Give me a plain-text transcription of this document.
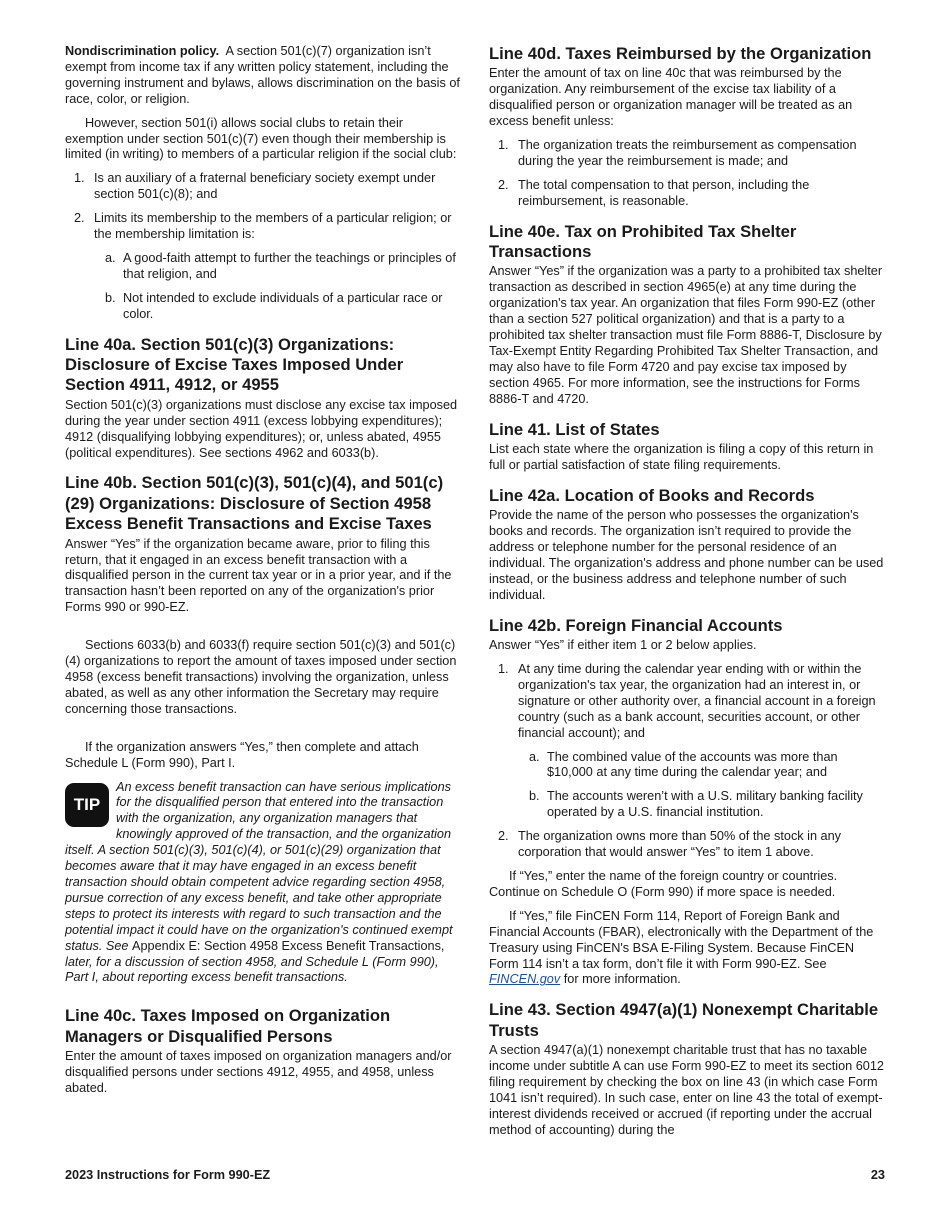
Nondiscrimination policy. A section 501(c)(7) organization isn’t exempt from income tax if any written policy statement, including the governing instrument and bylaws, allows discrimination on the basis of race, color, or religion.

However, section 501(i) allows social clubs to retain their exemption under section 501(c)(7) even though their membership is limited (in writing) to members of a particular religion if the social club:

1. Is an auxiliary of a fraternal beneficiary society exempt under section 501(c)(8); and
2. Limits its membership to the members of a particular religion; or the membership limitation is:
a. A good-faith attempt to further the teachings or principles of that religion, and
b. Not intended to exclude individuals of a particular race or color.
Line 40a. Section 501(c)(3) Organizations: Disclosure of Excise Taxes Imposed Under Section 4911, 4912, or 4955

Section 501(c)(3) organizations must disclose any excise tax imposed during the year under section 4911 (excess lobbying expenditures); 4912 (disqualifying lobbying expenditures); or, unless abated, 4955 (political expenditures). See sections 4962 and 6033(b).

Line 40b. Section 501(c)(3), 501(c)(4), and 501(c)(29) Organizations: Disclosure of Section 4958 Excess Benefit Transactions and Excise Taxes

Answer “Yes” if the organization became aware, prior to filing this return, that it engaged in an excess benefit transaction with a disqualified person in the current tax year or in a prior year, and if the transaction hasn’t been reported on any of the organization's prior Forms 990 or 990-EZ.

Sections 6033(b) and 6033(f) require section 501(c)(3) and 501(c)(4) organizations to report the amount of taxes imposed under section 4958 (excess benefit transactions) involving the organization, unless abated, as well as any other information the Secretary may require concerning those transactions.

If the organization answers “Yes,” then complete and attach Schedule L (Form 990), Part I.

TIP
An excess benefit transaction can have serious implications for the disqualified person that entered into the transaction with the organization, any organization managers that knowingly approved of the transaction, and the organization itself. A section 501(c)(3), 501(c)(4), or 501(c)(29) organization that becomes aware that it may have engaged in an excess benefit transaction should obtain competent advice regarding section 4958, pursue correction of any excess benefit, and take other appropriate steps to protect its interests with regard to such transaction and the potential impact it could have on the organization's continued exempt status. See Appendix E: Section 4958 Excess Benefit Transactions, later, for a discussion of section 4958, and Schedule L (Form 990), Part I, about reporting excess benefit transactions.
Line 40c. Taxes Imposed on Organization Managers or Disqualified Persons

Enter the amount of taxes imposed on organization managers and/or disqualified persons under sections 4912, 4955, and 4958, unless abated.

Line 40d. Taxes Reimbursed by the Organization

Enter the amount of tax on line 40c that was reimbursed by the organization. Any reimbursement of the excise tax liability of a disqualified person or organization manager will be treated as an excess benefit unless:

1. The organization treats the reimbursement as compensation during the year the reimbursement is made; and
2. The total compensation to that person, including the reimbursement, is reasonable.
Line 40e. Tax on Prohibited Tax Shelter Transactions

Answer “Yes” if the organization was a party to a prohibited tax shelter transaction as described in section 4965(e) at any time during the organization's tax year. An organization that files Form 990-EZ (other than a section 527 political organization) and that is a party to a prohibited tax shelter transaction must file Form 8886-T, Disclosure by Tax-Exempt Entity Regarding Prohibited Tax Shelter Transaction, and may also have to file Form 4720 and pay excise tax imposed by section 4965. For more information, see the instructions for Forms 8886-T and 4720.

Line 41. List of States

List each state where the organization is filing a copy of this return in full or partial satisfaction of state filing requirements.

Line 42a. Location of Books and Records

Provide the name of the person who possesses the organization's books and records. The organization isn’t required to provide the address or telephone number for the personal residence of an individual. The organization's address and phone number can be used instead, or the business address and telephone number of such individual.

Line 42b. Foreign Financial Accounts

Answer “Yes” if either item 1 or 2 below applies.

1. At any time during the calendar year ending with or within the organization's tax year, the organization had an interest in, or signature or other authority over, a financial account in a foreign country (such as a bank account, securities account, or other financial account); and
a. The combined value of the accounts was more than $10,000 at any time during the calendar year; and
b. The accounts weren’t with a U.S. military banking facility operated by a U.S. financial institution.
2. The organization owns more than 50% of the stock in any corporation that would answer “Yes” to item 1 above.

If “Yes,” enter the name of the foreign country or countries. Continue on Schedule O (Form 990) if more space is needed.

If “Yes,” file FinCEN Form 114, Report of Foreign Bank and Financial Accounts (FBAR), electronically with the Department of the Treasury using FinCEN's BSA E-Filing System. Because FinCEN Form 114 isn’t a tax form, don’t file it with Form 990-EZ. See FINCEN.gov for more information.

Line 43. Section 4947(a)(1) Nonexempt Charitable Trusts

A section 4947(a)(1) nonexempt charitable trust that has no taxable income under subtitle A can use Form 990-EZ to meet its section 6012 filing requirement by checking the box on line 43 (in which case Form 1041 isn’t required). In such case, enter on line 43 the total of exempt-interest dividends received or accrued (if reporting under the accrual method of accounting) during the

2023 Instructions for Form 990-EZ	23
